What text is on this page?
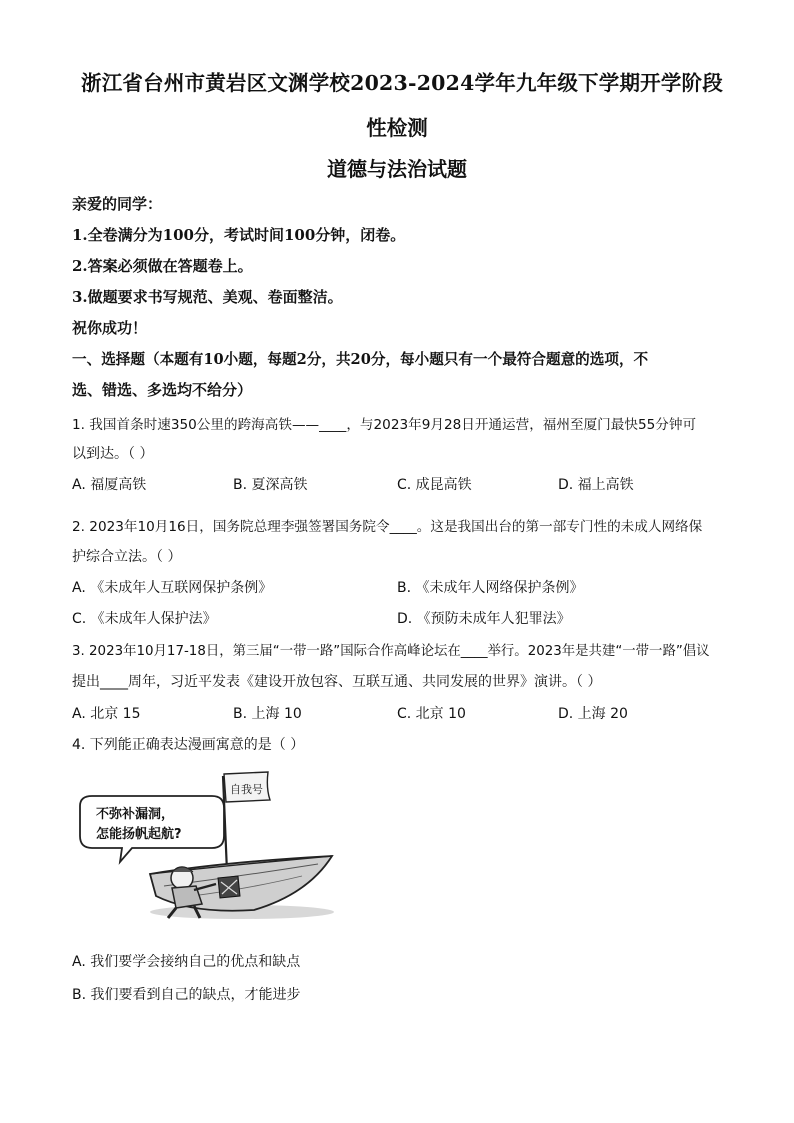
浙江省台州市黄岩区文渊学校2023-2024学年九年级下学期开学阶段
性检测
道德与法治试题
亲爱的同学：
1.全卷满分为100分，考试时间100分钟，闭卷。
2.答案必须做在答题卷上。
3.做题要求书写规范、美观、卷面整洁。
祝你成功！
一、选择题（本题有10小题，每题2分，共20分，每小题只有一个最符合题意的选项，不
选、错选、多选均不给分）
1. 我国首条时速350公里的跨海高铁——____，与2023年9月28日开通运营，福州至厦门最快55分钟可
以到达。（ ）
A. 福厦高铁	B. 夏深高铁	C. 成昆高铁	D. 福上高铁
2. 2023年10月16日，国务院总理李强签署国务院令____。这是我国出台的第一部专门性的未成人网络保
护综合立法。（ ）
A. 《未成年人互联网保护条例》	B. 《未成年人网络保护条例》
C. 《未成年人保护法》	D. 《预防未成年人犯罪法》
3. 2023年10月17-18日，第三届“一带一路”国际合作高峰论坛在____举行。2023年是共建“一带一路”倡议
提出____周年，习近平发表《建设开放包容、互联互通、共同发展的世界》演讲。（ ）
A. 北京 15	B. 上海 10	C. 北京 10	D. 上海 20
4. 下列能正确表达漫画寓意的是（ ）
自我号
不弥补漏洞，
怎能扬帆起航?
A. 我们要学会接纳自己的优点和缺点
B. 我们要看到自己的缺点，才能进步
